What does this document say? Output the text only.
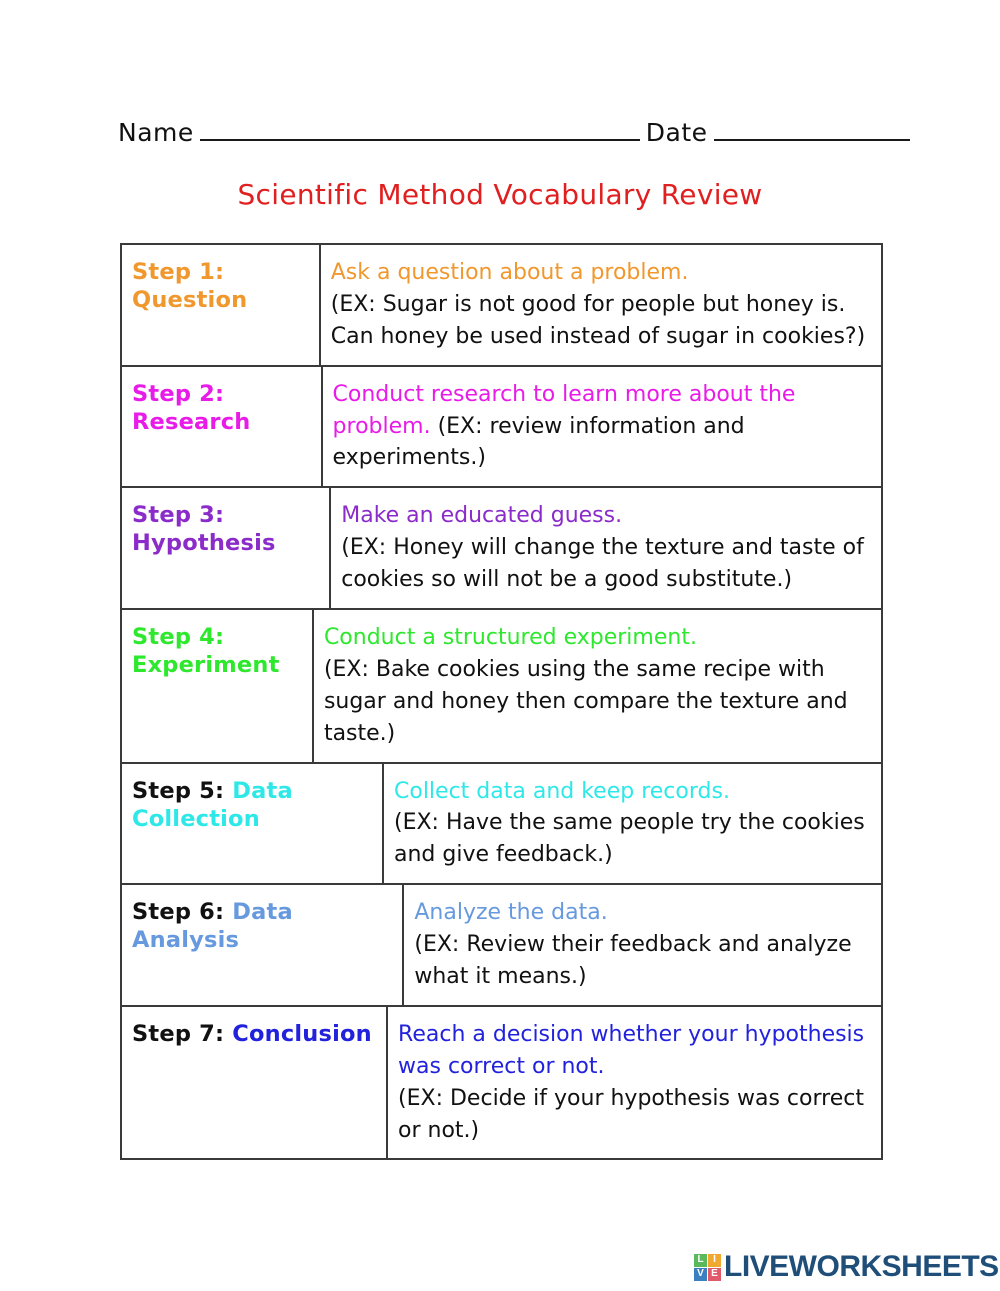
Name	Date
Scientific Method Vocabulary Review
Step 1: Question
Ask a question about a problem.
(EX: Sugar is not good for people but honey is. Can honey be used instead of sugar in cookies?)
Step 2: Research
Conduct research to learn more about the problem. (EX: review information and experiments.)
Step 3: Hypothesis
Make an educated guess.
(EX: Honey will change the texture and taste of cookies so will not be a good substitute.)
Step 4: Experiment
Conduct a structured experiment.
(EX: Bake cookies using the same recipe with sugar and honey then compare the texture and taste.)
Step 5: Data Collection
Collect data and keep records.
(EX: Have the same people try the cookies and give feedback.)
Step 6: Data Analysis
Analyze the data.
(EX: Review their feedback and analyze what it means.)
Step 7: Conclusion	Reach a decision whether your hypothesis was correct or not.
(EX: Decide if your hypothesis was correct or not.)
L I
V E LIVEWORKSHEETS
